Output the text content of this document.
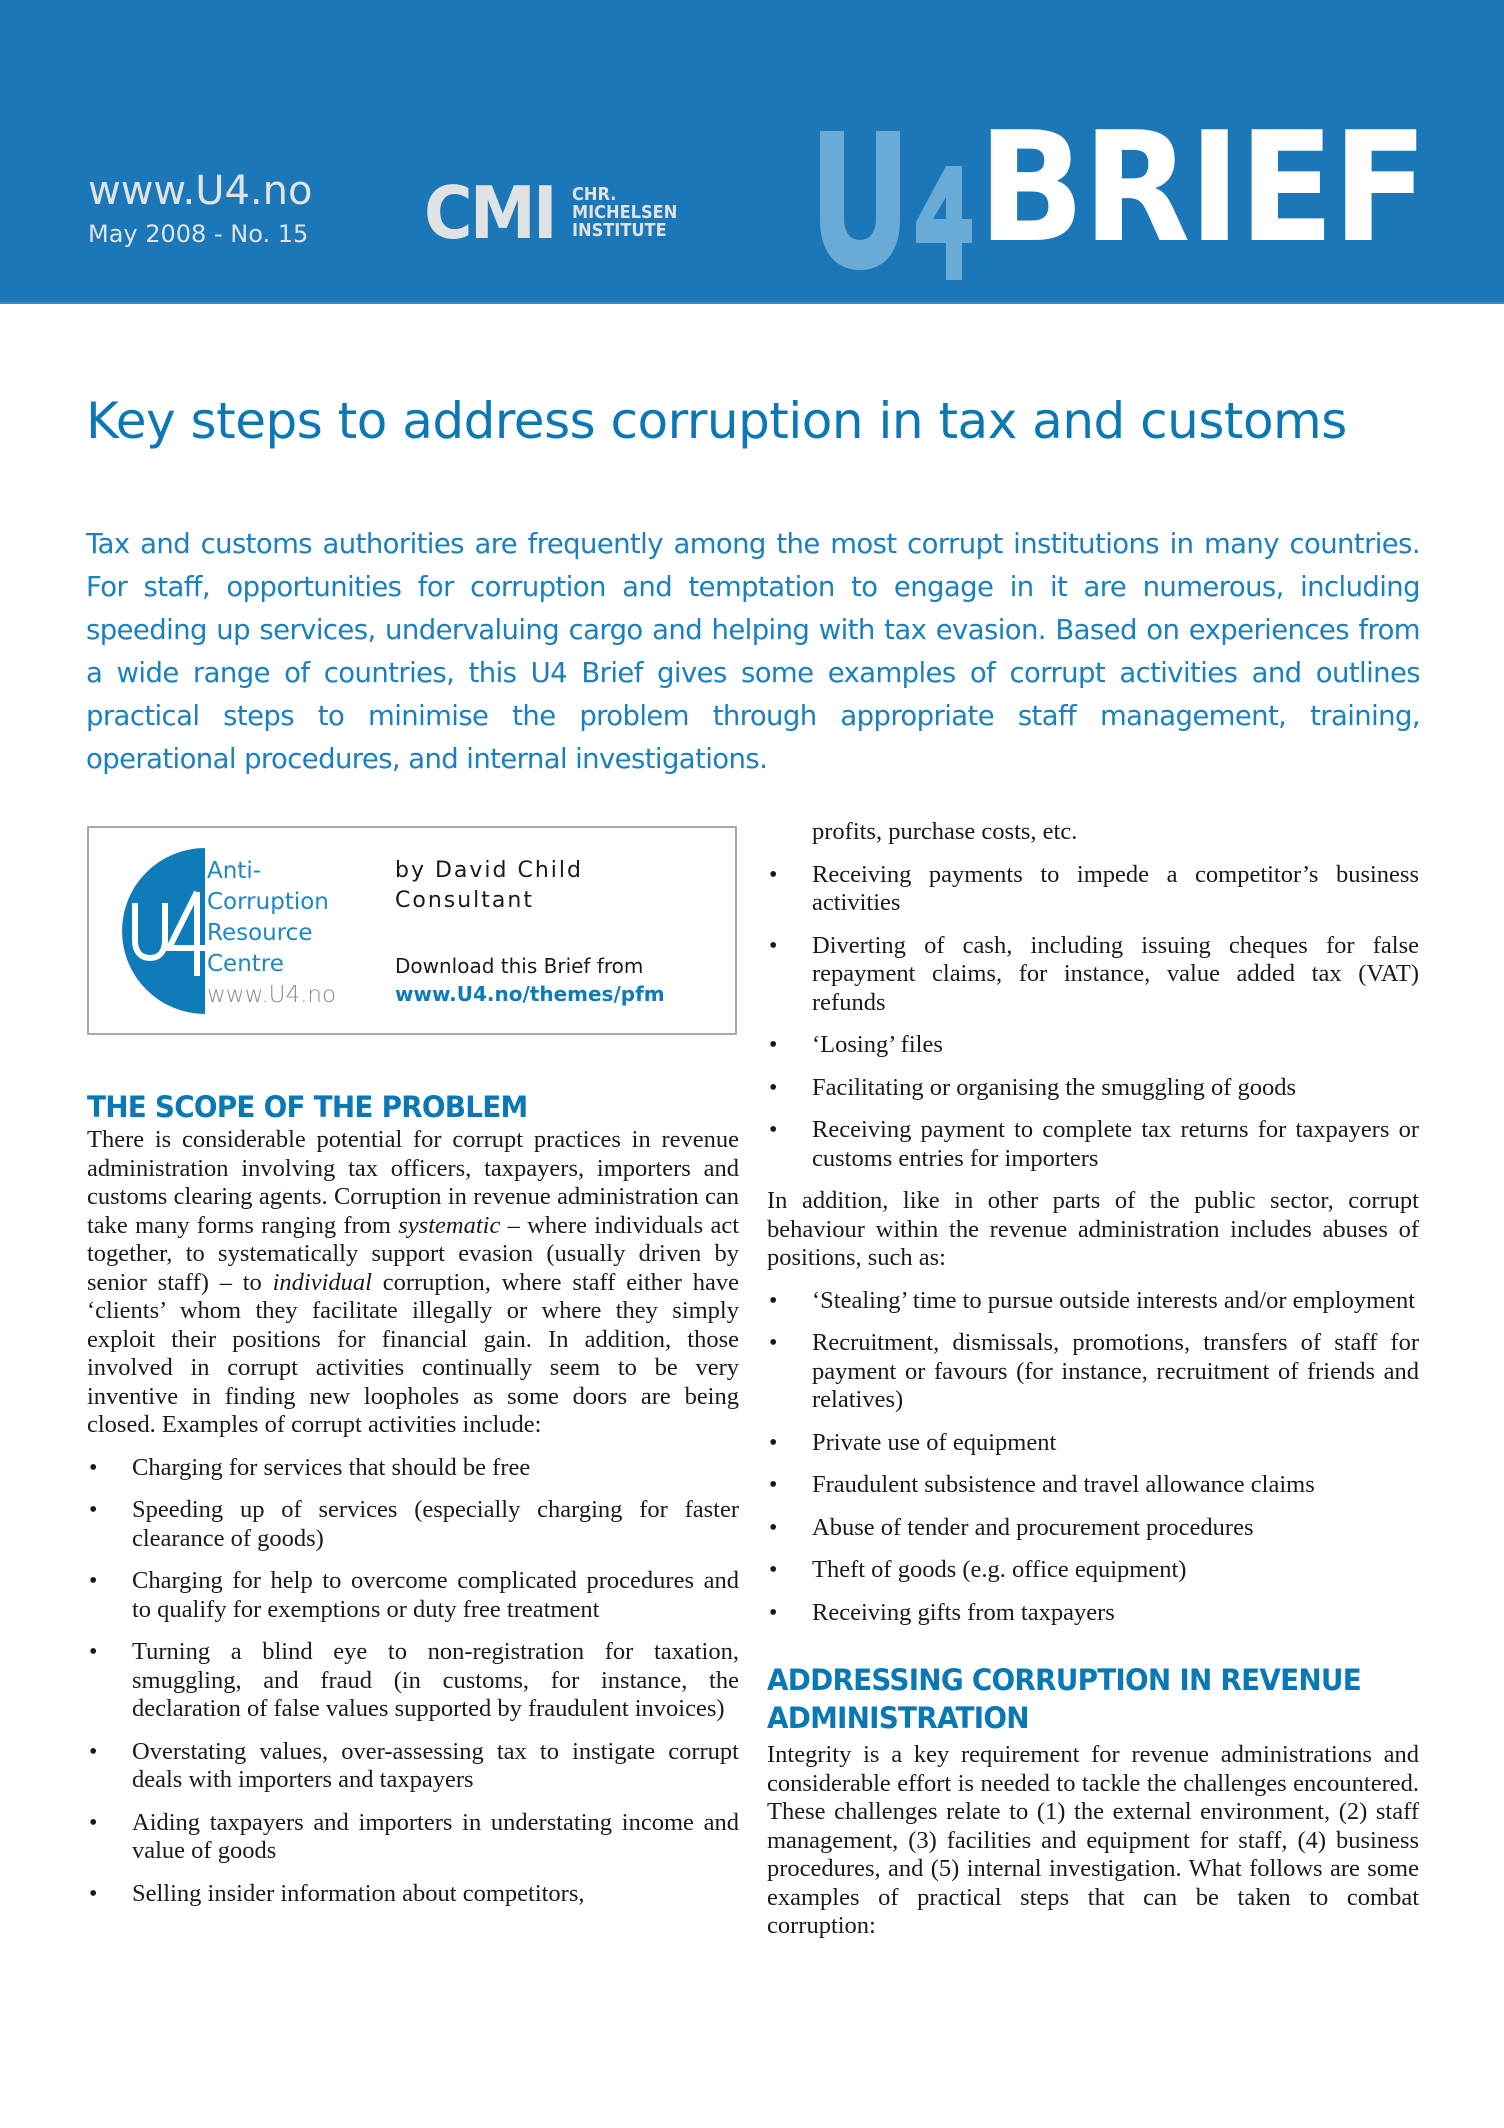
www.U4.no
May 2008 - No. 15 CMI CHR.
MICHELSEN
INSTITUTE BRIEF
Key steps to address corruption in tax and customs

Tax and customs authorities are frequently among the most corrupt institutions in many countries. For staff, opportunities for corruption and temptation to engage in it are numerous, including speeding up services, undervaluing cargo and helping with tax evasion. Based on experiences from a wide range of countries, this U4 Brief gives some examples of corrupt activities and outlines practical steps to minimise the problem through appropriate staff management, training, operational procedures, and internal investigations.

Anti-
Corruption
Resource
Centre
www.U4.no
by David Child
Consultant
Download this Brief from
www.U4.no/themes/pfm
THE SCOPE OF THE PROBLEM

There is considerable potential for corrupt practices in revenue administration involving tax officers, taxpayers, importers and customs clearing agents. Corruption in revenue administration can take many forms ranging from systematic – where individuals act together, to systematically support evasion (usually driven by senior staff) – to individual corruption, where staff either have ‘clients’ whom they facilitate illegally or where they simply exploit their positions for financial gain. In addition, those involved in corrupt activities continually seem to be very inventive in finding new loopholes as some doors are being closed. Examples of corrupt activities include:

• Charging for services that should be free
• Speeding up of services (especially charging for faster clearance of goods)
• Charging for help to overcome complicated procedures and to qualify for exemptions or duty free treatment
• Turning a blind eye to non-registration for taxation, smuggling, and fraud (in customs, for instance, the declaration of false values supported by fraudulent invoices)
• Overstating values, over-assessing tax to instigate corrupt deals with importers and taxpayers
• Aiding taxpayers and importers in understating income and value of goods
• Selling insider information about competitors,
profits, purchase costs, etc.
• Receiving payments to impede a competitor’s business activities
• Diverting of cash, including issuing cheques for false repayment claims, for instance, value added tax (VAT) refunds
• ‘Losing’ files
• Facilitating or organising the smuggling of goods
• Receiving payment to complete tax returns for taxpayers or customs entries for importers

In addition, like in other parts of the public sector, corrupt behaviour within the revenue administration includes abuses of positions, such as:

• ‘Stealing’ time to pursue outside interests and/or employment
• Recruitment, dismissals, promotions, transfers of staff for payment or favours (for instance, recruitment of friends and relatives)
• Private use of equipment
• Fraudulent subsistence and travel allowance claims
• Abuse of tender and procurement procedures
• Theft of goods (e.g. office equipment)
• Receiving gifts from taxpayers
ADDRESSING CORRUPTION IN REVENUE ADMINISTRATION

Integrity is a key requirement for revenue administrations and considerable effort is needed to tackle the challenges encountered. These challenges relate to (1) the external environment, (2) staff management, (3) facilities and equipment for staff, (4) business procedures, and (5) internal investigation. What follows are some examples of practical steps that can be taken to combat corruption:
